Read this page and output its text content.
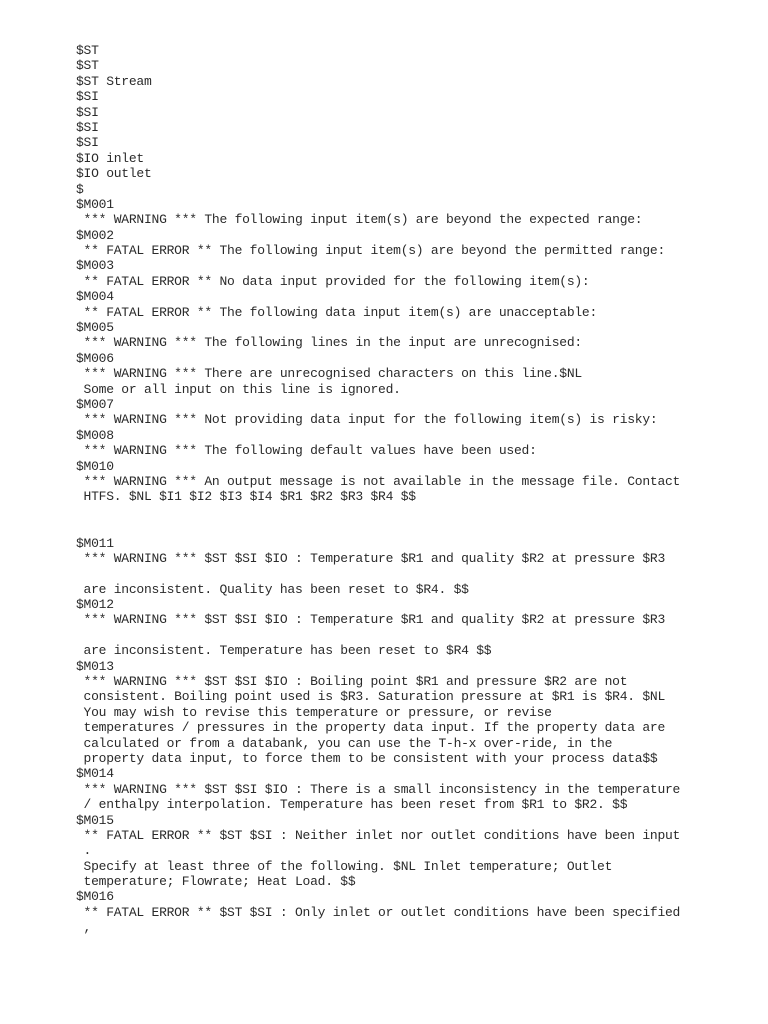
$ST
$ST
$ST Stream
$SI
$SI
$SI
$SI
$IO inlet
$IO outlet
$
$M001
*** WARNING *** The following input item(s) are beyond the expected range:
$M002
** FATAL ERROR ** The following input item(s) are beyond the permitted range:
$M003
** FATAL ERROR ** No data input provided for the following item(s):
$M004
** FATAL ERROR ** The following data input item(s) are unacceptable:
$M005
*** WARNING *** The following lines in the input are unrecognised:
$M006
*** WARNING *** There are unrecognised characters on this line.$NL
Some or all input on this line is ignored.
$M007
*** WARNING *** Not providing data input for the following item(s) is risky:
$M008
*** WARNING *** The following default values have been used:
$M010
*** WARNING *** An output message is not available in the message file. Contact
HTFS. $NL $I1 $I2 $I3 $I4 $R1 $R2 $R3 $R4 $$
$M011
*** WARNING *** $ST $SI $IO : Temperature $R1 and quality $R2 at pressure $R3
are inconsistent. Quality has been reset to $R4. $$
$M012
*** WARNING *** $ST $SI $IO : Temperature $R1 and quality $R2 at pressure $R3
are inconsistent. Temperature has been reset to $R4 $$
$M013
*** WARNING *** $ST $SI $IO : Boiling point $R1 and pressure $R2 are not
consistent. Boiling point used is $R3. Saturation pressure at $R1 is $R4. $NL
You may wish to revise this temperature or pressure, or revise
temperatures / pressures in the property data input. If the property data are
calculated or from a databank, you can use the T-h-x over-ride, in the
property data input, to force them to be consistent with your process data$$
$M014
*** WARNING *** $ST $SI $IO : There is a small inconsistency in the temperature
/ enthalpy interpolation. Temperature has been reset from $R1 to $R2. $$
$M015
** FATAL ERROR ** $ST $SI : Neither inlet nor outlet conditions have been input
.
Specify at least three of the following. $NL Inlet temperature; Outlet
temperature; Flowrate; Heat Load. $$
$M016
** FATAL ERROR ** $ST $SI : Only inlet or outlet conditions have been specified
,
